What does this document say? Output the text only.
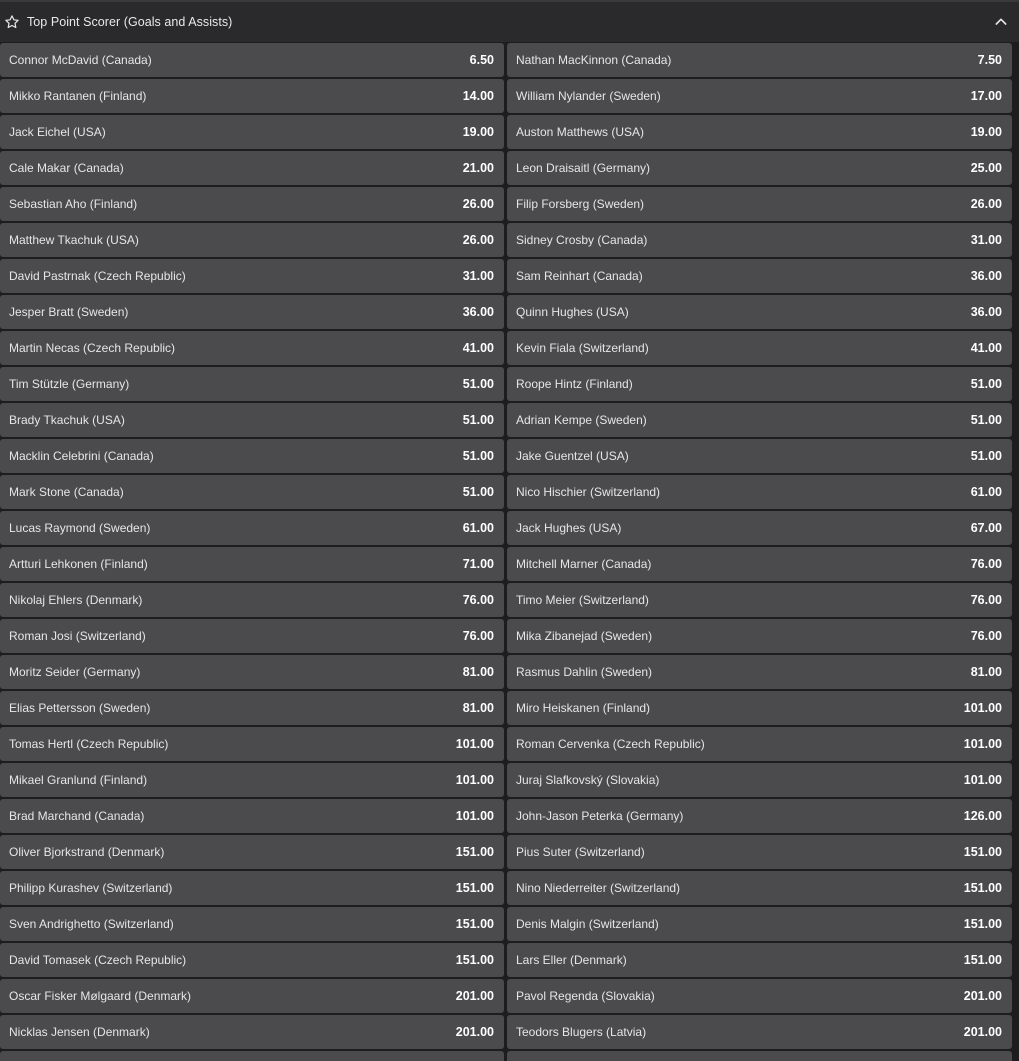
Top Point Scorer (Goals and Assists)
Connor McDavid (Canada)	6.50 Nathan MacKinnon (Canada)	7.50
Mikko Rantanen (Finland)	14.00 William Nylander (Sweden)	17.00
Jack Eichel (USA)	19.00 Auston Matthews (USA)	19.00
Cale Makar (Canada)	21.00 Leon Draisaitl (Germany)	25.00
Sebastian Aho (Finland)	26.00 Filip Forsberg (Sweden)	26.00
Matthew Tkachuk (USA)	26.00 Sidney Crosby (Canada)	31.00
David Pastrnak (Czech Republic)	31.00 Sam Reinhart (Canada)	36.00
Jesper Bratt (Sweden)	36.00 Quinn Hughes (USA)	36.00
Martin Necas (Czech Republic)	41.00 Kevin Fiala (Switzerland)	41.00
Tim Stützle (Germany)	51.00 Roope Hintz (Finland)	51.00
Brady Tkachuk (USA)	51.00 Adrian Kempe (Sweden)	51.00
Macklin Celebrini (Canada)	51.00 Jake Guentzel (USA)	51.00
Mark Stone (Canada)	51.00 Nico Hischier (Switzerland)	61.00
Lucas Raymond (Sweden)	61.00 Jack Hughes (USA)	67.00
Artturi Lehkonen (Finland)	71.00 Mitchell Marner (Canada)	76.00
Nikolaj Ehlers (Denmark)	76.00 Timo Meier (Switzerland)	76.00
Roman Josi (Switzerland)	76.00 Mika Zibanejad (Sweden)	76.00
Moritz Seider (Germany)	81.00 Rasmus Dahlin (Sweden)	81.00
Elias Pettersson (Sweden)	81.00 Miro Heiskanen (Finland)	101.00
Tomas Hertl (Czech Republic)	101.00 Roman Cervenka (Czech Republic)	101.00
Mikael Granlund (Finland)	101.00 Juraj Slafkovský (Slovakia)	101.00
Brad Marchand (Canada)	101.00 John-Jason Peterka (Germany)	126.00
Oliver Bjorkstrand (Denmark)	151.00 Pius Suter (Switzerland)	151.00
Philipp Kurashev (Switzerland)	151.00 Nino Niederreiter (Switzerland)	151.00
Sven Andrighetto (Switzerland)	151.00 Denis Malgin (Switzerland)	151.00
David Tomasek (Czech Republic)	151.00 Lars Eller (Denmark)	151.00
Oscar Fisker Mølgaard (Denmark)	201.00 Pavol Regenda (Slovakia)	201.00
Nicklas Jensen (Denmark)	201.00 Teodors Blugers (Latvia)	201.00
